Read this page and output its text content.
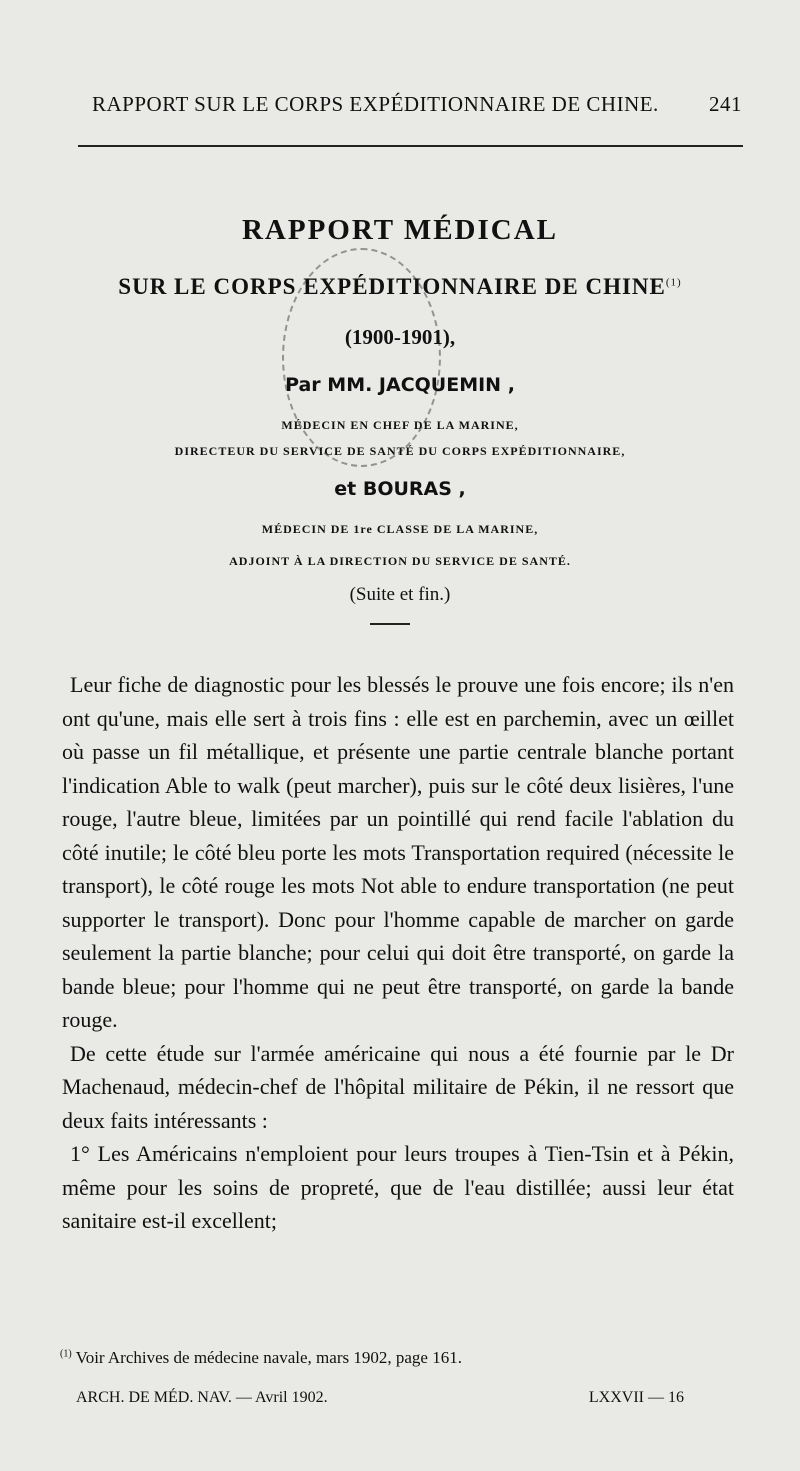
RAPPORT SUR LE CORPS EXPÉDITIONNAIRE DE CHINE. 241
RAPPORT MÉDICAL
SUR LE CORPS EXPÉDITIONNAIRE DE CHINE$^{(1)}$
(1900-1901),
Par MM. JACQUEMIN ,
MÉDECIN EN CHEF DE LA MARINE,
DIRECTEUR DU SERVICE DE SANTÉ DU CORPS EXPÉDITIONNAIRE,
et BOURAS ,
MÉDECIN DE 1re CLASSE DE LA MARINE,
ADJOINT À LA DIRECTION DU SERVICE DE SANTÉ.
(Suite et fin.)

Leur fiche de diagnostic pour les blessés le prouve une fois encore; ils n'en ont qu'une, mais elle sert à trois fins : elle est en parchemin, avec un œillet où passe un fil métallique, et présente une partie centrale blanche portant l'indication Able to walk (peut marcher), puis sur le côté deux lisières, l'une rouge, l'autre bleue, limitées par un pointillé qui rend facile l'ablation du côté inutile; le côté bleu porte les mots Transportation required (nécessite le transport), le côté rouge les mots Not able to endure transportation (ne peut supporter le transport). Donc pour l'homme capable de marcher on garde seulement la partie blanche; pour celui qui doit être transporté, on garde la bande bleue; pour l'homme qui ne peut être transporté, on garde la bande rouge.

De cette étude sur l'armée américaine qui nous a été fournie par le Dr Machenaud, médecin-chef de l'hôpital militaire de Pékin, il ne ressort que deux faits intéressants :

1° Les Américains n'emploient pour leurs troupes à Tien-Tsin et à Pékin, même pour les soins de propreté, que de l'eau distillée; aussi leur état sanitaire est-il excellent;

$^{(1)}$ Voir Archives de médecine navale, mars 1902, page 161.
ARCH. DE MÉD. NAV. — Avril 1902.	LXXVII — 16
